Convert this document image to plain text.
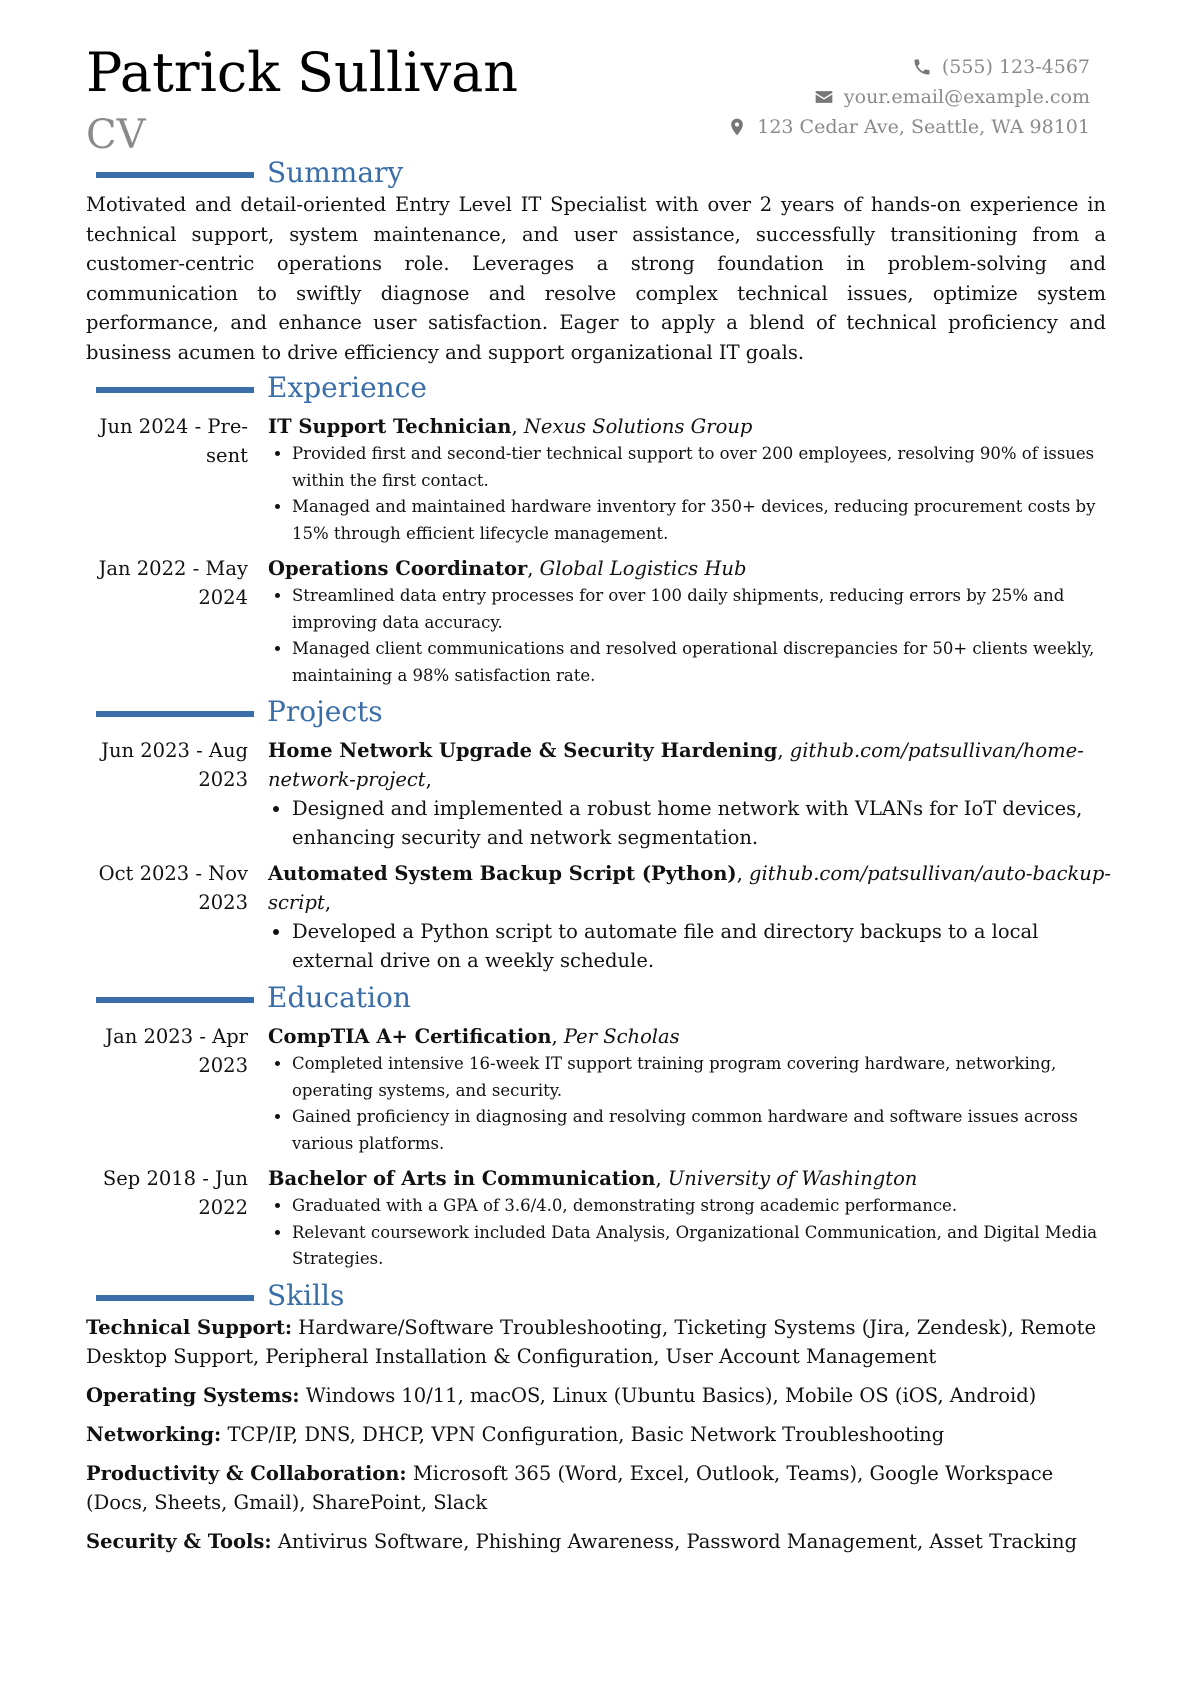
Patrick Sullivan
CV
(555) 123-4567
your.email@example.com
123 Cedar Ave, Seattle, WA 98101
Summary

Motivated and detail-oriented Entry Level IT Specialist with over 2 years of hands-on experience in technical support, system maintenance, and user assistance, successfully transitioning from a customer-centric operations role. Leverages a strong foundation in problem-solving and communication to swiftly diagnose and resolve complex technical issues, optimize system performance, and enhance user satisfaction. Eager to apply a blend of technical proficiency and business acumen to drive efficiency and support organizational IT goals.

Experience
Jun 2024 - Pre-
sent
IT Support Technician, Nexus Solutions Group
• Provided first and second-tier technical support to over 200 employees, resolving 90% of issues within the first contact.
• Managed and maintained hardware inventory for 350+ devices, reducing procurement costs by 15% through efficient lifecycle management.
Jan 2022 - May
2024
Operations Coordinator, Global Logistics Hub
• Streamlined data entry processes for over 100 daily shipments, reducing errors by 25% and improving data accuracy.
• Managed client communications and resolved operational discrepancies for 50+ clients weekly, maintaining a 98% satisfaction rate.
Projects
Jun 2023 - Aug
2023
Home Network Upgrade & Security Hardening, github.com/patsullivan/home-network-project,
• Designed and implemented a robust home network with VLANs for IoT devices, enhancing security and network segmentation.
Oct 2023 - Nov
2023
Automated System Backup Script (Python), github.com/patsullivan/auto-backup-script,
• Developed a Python script to automate file and directory backups to a local external drive on a weekly schedule.
Education
Jan 2023 - Apr
2023
CompTIA A+ Certification, Per Scholas
• Completed intensive 16-week IT support training program covering hardware, networking, operating systems, and security.
• Gained proficiency in diagnosing and resolving common hardware and software issues across various platforms.
Sep 2018 - Jun
2022
Bachelor of Arts in Communication, University of Washington
• Graduated with a GPA of 3.6/4.0, demonstrating strong academic performance.
• Relevant coursework included Data Analysis, Organizational Communication, and Digital Media Strategies.
Skills

Technical Support: Hardware/Software Troubleshooting, Ticketing Systems (Jira, Zendesk), Remote Desktop Support, Peripheral Installation & Configuration, User Account Management

Operating Systems: Windows 10/11, macOS, Linux (Ubuntu Basics), Mobile OS (iOS, Android)

Networking: TCP/IP, DNS, DHCP, VPN Configuration, Basic Network Troubleshooting

Productivity & Collaboration: Microsoft 365 (Word, Excel, Outlook, Teams), Google Workspace (Docs, Sheets, Gmail), SharePoint, Slack

Security & Tools: Antivirus Software, Phishing Awareness, Password Management, Asset Tracking
